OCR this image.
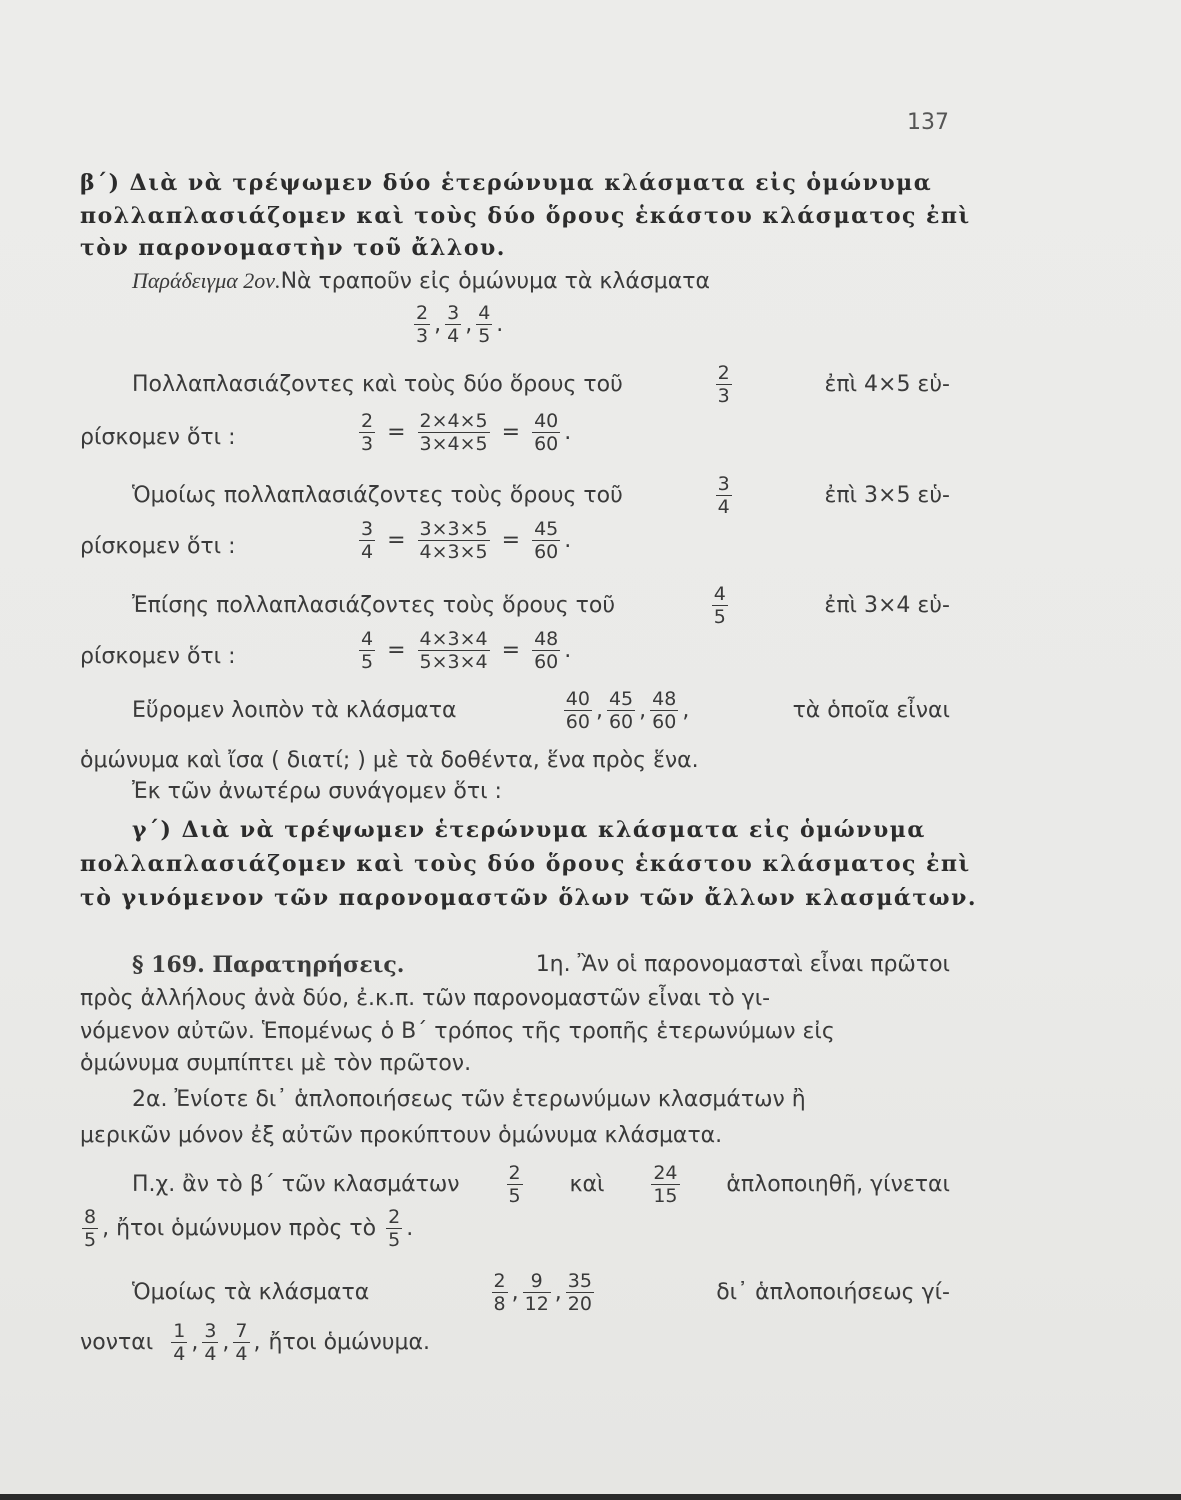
137
β΄) Διὰ νὰ τρέψωμεν δύο ἑτερώνυμα κλάσματα εἰς ὁμώνυμα
πολλαπλασιάζομεν καὶ τοὺς δύο ὅρους ἑκάστου κλάσματος ἐπὶ
τὸν παρονομαστὴν τοῦ ἄλλου.
Παράδειγμα 2ον.Νὰ τραποῦν εἰς ὁμώνυμα τὰ κλάσματα
$\frac{2}{3}$ , $\frac{3}{4}$ , $\frac{4}{5}$ .
Πολλαπλασιάζοντες καὶ τοὺς δύο ὅρους τοῦ	$\frac{2}{3}$	ἐπὶ 4×5 εὑ-
ρίσκομεν ὅτι :	$\frac{2}{3} = \frac{2\times 4\times 5}{3\times 4\times 5} = \frac{40}{60}$ .
Ὁμοίως πολλαπλασιάζοντες τοὺς ὅρους τοῦ	$\frac{3}{4}$	ἐπὶ 3×5 εὑ-
ρίσκομεν ὅτι :	$\frac{3}{4} = \frac{3\times 3\times 5}{4\times 3\times 5} = \frac{45}{60}$ .
Ἐπίσης πολλαπλασιάζοντες τοὺς ὅρους τοῦ	$\frac{4}{5}$	ἐπὶ 3×4 εὑ-
ρίσκομεν ὅτι :	$\frac{4}{5} = \frac{4\times 3\times 4}{5\times 3\times 4} = \frac{48}{60}$ .
Εὕρομεν λοιπὸν τὰ κλάσματα	$\frac{40}{60}$ , $\frac{45}{60}$ , $\frac{48}{60}$ ,	τὰ ὁποῖα εἶναι
ὁμώνυμα καὶ ἴσα ( διατί; ) μὲ τὰ δοθέντα, ἕνα πρὸς ἕνα.
Ἐκ τῶν ἀνωτέρω συνάγομεν ὅτι :
γ΄) Διὰ νὰ τρέψωμεν ἑτερώνυμα κλάσματα εἰς ὁμώνυμα
πολλαπλασιάζομεν καὶ τοὺς δύο ὅρους ἑκάστου κλάσματος ἐπὶ
τὸ γινόμενον τῶν παρονομαστῶν ὅλων τῶν ἄλλων κλασμάτων.
§ 169. Παρατηρήσεις.	1η. Ἂν οἱ παρονομασταὶ εἶναι πρῶτοι
πρὸς ἀλλήλους ἀνὰ δύο, ἐ.κ.π. τῶν παρονομαστῶν εἶναι τὸ γι-
νόμενον αὐτῶν. Ἑπομένως ὁ Β΄ τρόπος τῆς τροπῆς ἑτερωνύμων εἰς
ὁμώνυμα συμπίπτει μὲ τὸν πρῶτον.
2α. Ἐνίοτε δι᾽ ἁπλοποιήσεως τῶν ἑτερωνύμων κλασμάτων ἢ
μερικῶν μόνον ἐξ αὐτῶν προκύπτουν ὁμώνυμα κλάσματα.
Π.χ. ἂν τὸ β΄ τῶν κλασμάτων $\frac{2}{5}$ καὶ $\frac{24}{15}$ ἁπλοποιηθῆ, γίνεται
$\frac{8}{5}$ , ἤτοι ὁμώνυμον πρὸς τὸ $\frac{2}{5}$ .
Ὁμοίως τὰ κλάσματα	$\frac{2}{8}$ , $\frac{9}{12}$ , $\frac{35}{20}$	δι᾽ ἁπλοποιήσεως γί-
νονται $\frac{1}{4}$ , $\frac{3}{4}$ , $\frac{7}{4}$ , ἤτοι ὁμώνυμα.
